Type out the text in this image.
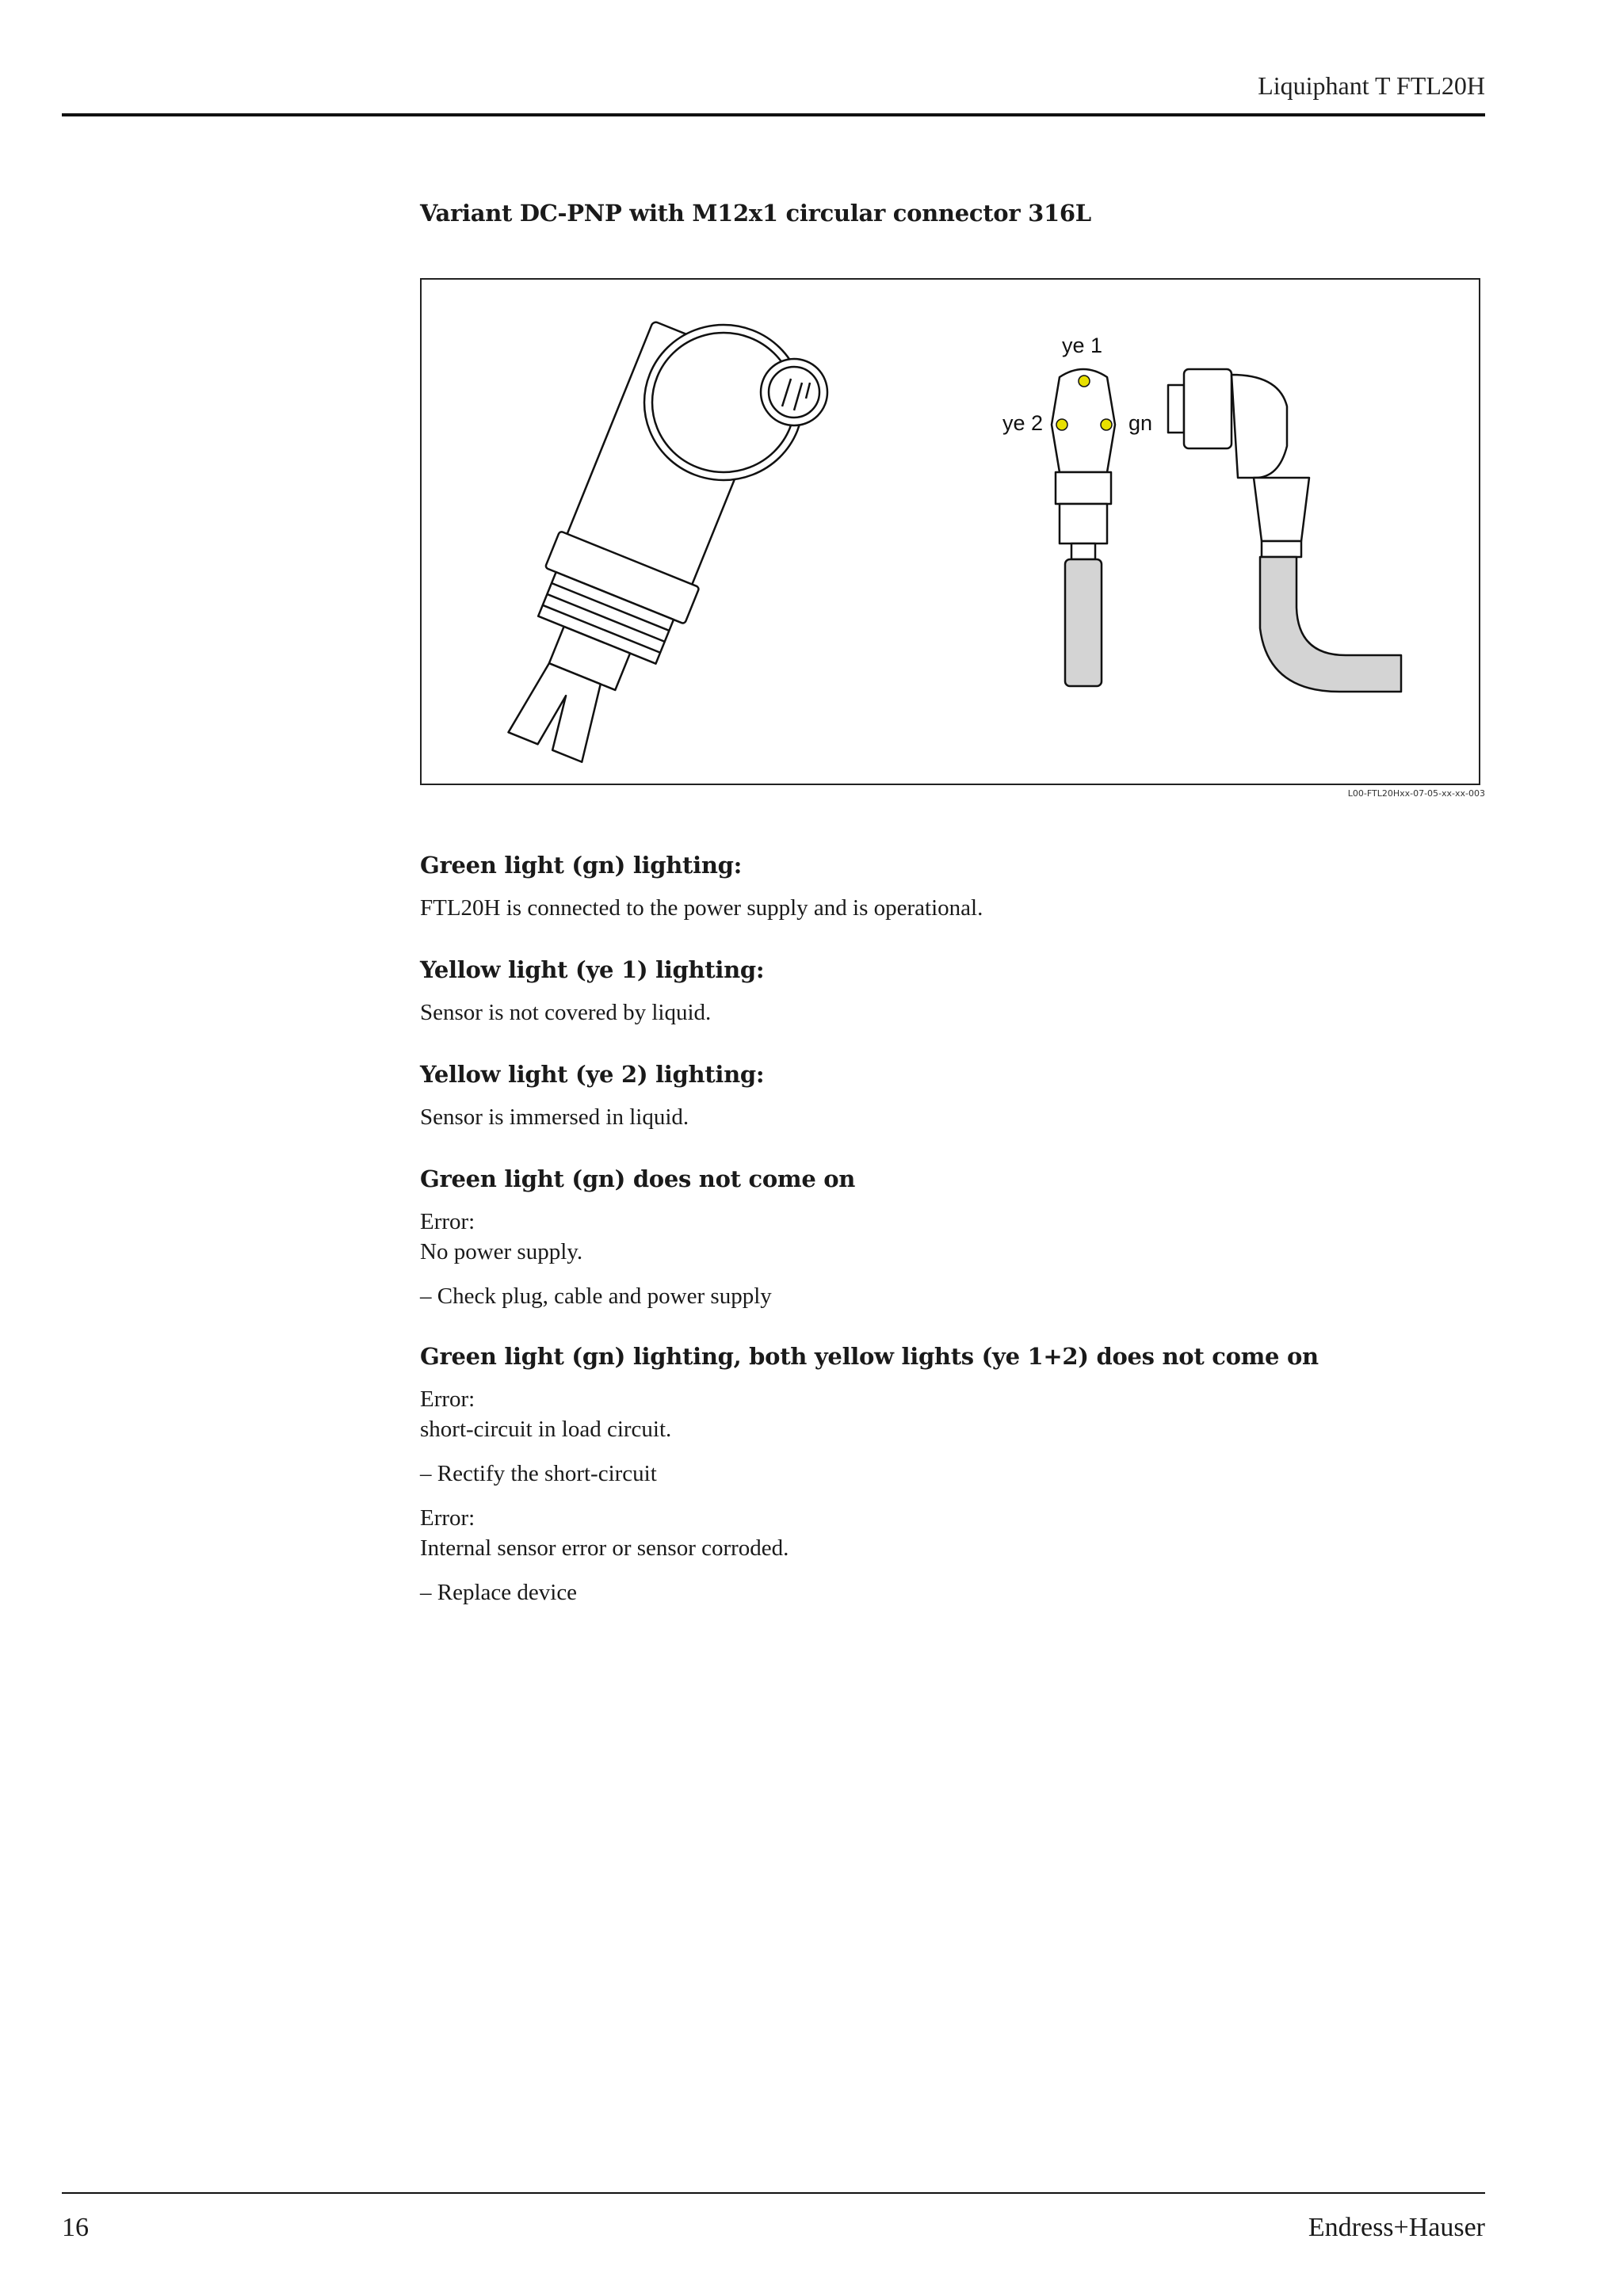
Liquiphant T FTL20H

Variant DC-PNP with M12x1 circular connector 316L

ye 1
ye 2	gn
L00-FTL20Hxx-07-05-xx-xx-003

Green light (gn) lighting:

FTL20H is connected to the power supply and is operational.

Yellow light (ye 1) lighting:

Sensor is not covered by liquid.

Yellow light (ye 2) lighting:

Sensor is immersed in liquid.

Green light (gn) does not come on

Error:

No power supply.

– Check plug, cable and power supply

Green light (gn) lighting, both yellow lights (ye 1+2) does not come on

Error:

short-circuit in load circuit.

– Rectify the short-circuit

Error:

Internal sensor error or sensor corroded.

– Replace device

16	Endress+Hauser
